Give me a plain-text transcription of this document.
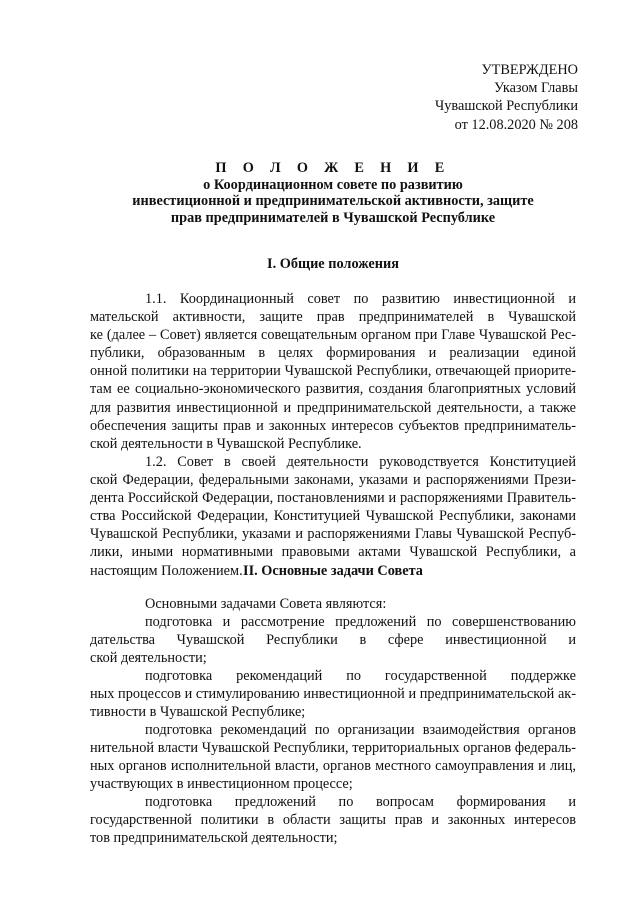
УТВЕРЖДЕНО
Указом Главы
Чувашской Республики
от 12.08.2020 № 208
П О Л О Ж Е Н И Е
о Координационном совете по развитию
инвестиционной и предпринимательской активности, защите
прав предпринимателей в Чувашской Республике
I. Общие положения
1.1. Координационный совет по развитию инвестиционной и
мательской активности, защите прав предпринимателей в Чувашской
ке (далее – Совет) является совещательным органом при Главе Чувашской Рес-
публики, образованным в целях формирования и реализации единой
онной политики на территории Чувашской Республики, отвечающей приорите-
там ее социально-экономического развития, создания благоприятных условий
для развития инвестиционной и предпринимательской деятельности, а также
обеспечения защиты прав и законных интересов субъектов предприниматель-
ской деятельности в Чувашской Республике.
1.2. Совет в своей деятельности руководствуется Конституцией
ской Федерации, федеральными законами, указами и распоряжениями Прези-
дента Российской Федерации, постановлениями и распоряжениями Правитель-
ства Российской Федерации, Конституцией Чувашской Республики, законами
Чувашской Республики, указами и распоряжениями Главы Чувашской Респуб-
лики, иными нормативными правовыми актами Чувашской Республики, а
настоящим Положением. II. Основные задачи Совета
Основными задачами Совета являются:
подготовка и рассмотрение предложений по совершенствованию
дательства Чувашской Республики в сфере инвестиционной и
ской деятельности;
подготовка рекомендаций по государственной поддержке
ных процессов и стимулированию инвестиционной и предпринимательской ак-
тивности в Чувашской Республике;
подготовка рекомендаций по организации взаимодействия органов
нительной власти Чувашской Республики, территориальных органов федераль-
ных органов исполнительной власти, органов местного самоуправления и лиц,
участвующих в инвестиционном процессе;
подготовка предложений по вопросам формирования и
государственной политики в области защиты прав и законных интересов
тов предпринимательской деятельности;
